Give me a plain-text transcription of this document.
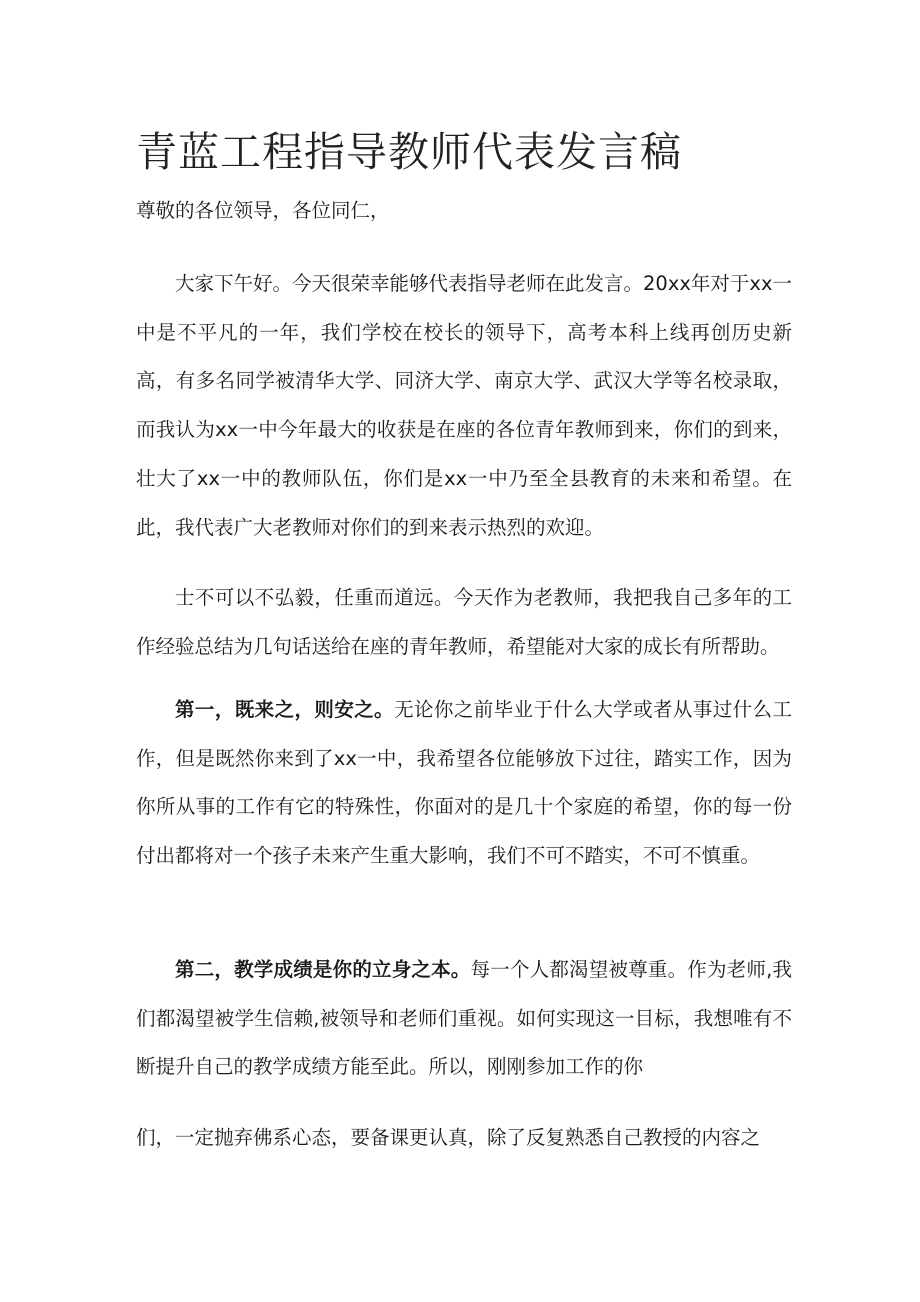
青蓝工程指导教师代表发言稿

尊敬的各位领导，各位同仁，

大家下午好。今天很荣幸能够代表指导老师在此发言。20xx年对于xx一中是不平凡的一年，我们学校在校长的领导下，高考本科上线再创历史新高，有多名同学被清华大学、同济大学、南京大学、武汉大学等名校录取，而我认为xx一中今年最大的收获是在座的各位青年教师到来，你们的到来，壮大了xx一中的教师队伍，你们是xx一中乃至全县教育的未来和希望。在此，我代表广大老教师对你们的到来表示热烈的欢迎。

士不可以不弘毅，任重而道远。今天作为老教师，我把我自己多年的工作经验总结为几句话送给在座的青年教师，希望能对大家的成长有所帮助。

第一，既来之，则安之。无论你之前毕业于什么大学或者从事过什么工作，但是既然你来到了xx一中，我希望各位能够放下过往，踏实工作，因为你所从事的工作有它的特殊性，你面对的是几十个家庭的希望，你的每一份付出都将对一个孩子未来产生重大影响，我们不可不踏实，不可不慎重。

第二，教学成绩是你的立身之本。每一个人都渴望被尊重。作为老师,我们都渴望被学生信赖,被领导和老师们重视。如何实现这一目标，我想唯有不断提升自己的教学成绩方能至此。所以，刚刚参加工作的你

们，一定抛弃佛系心态，要备课更认真，除了反复熟悉自己教授的内容之
